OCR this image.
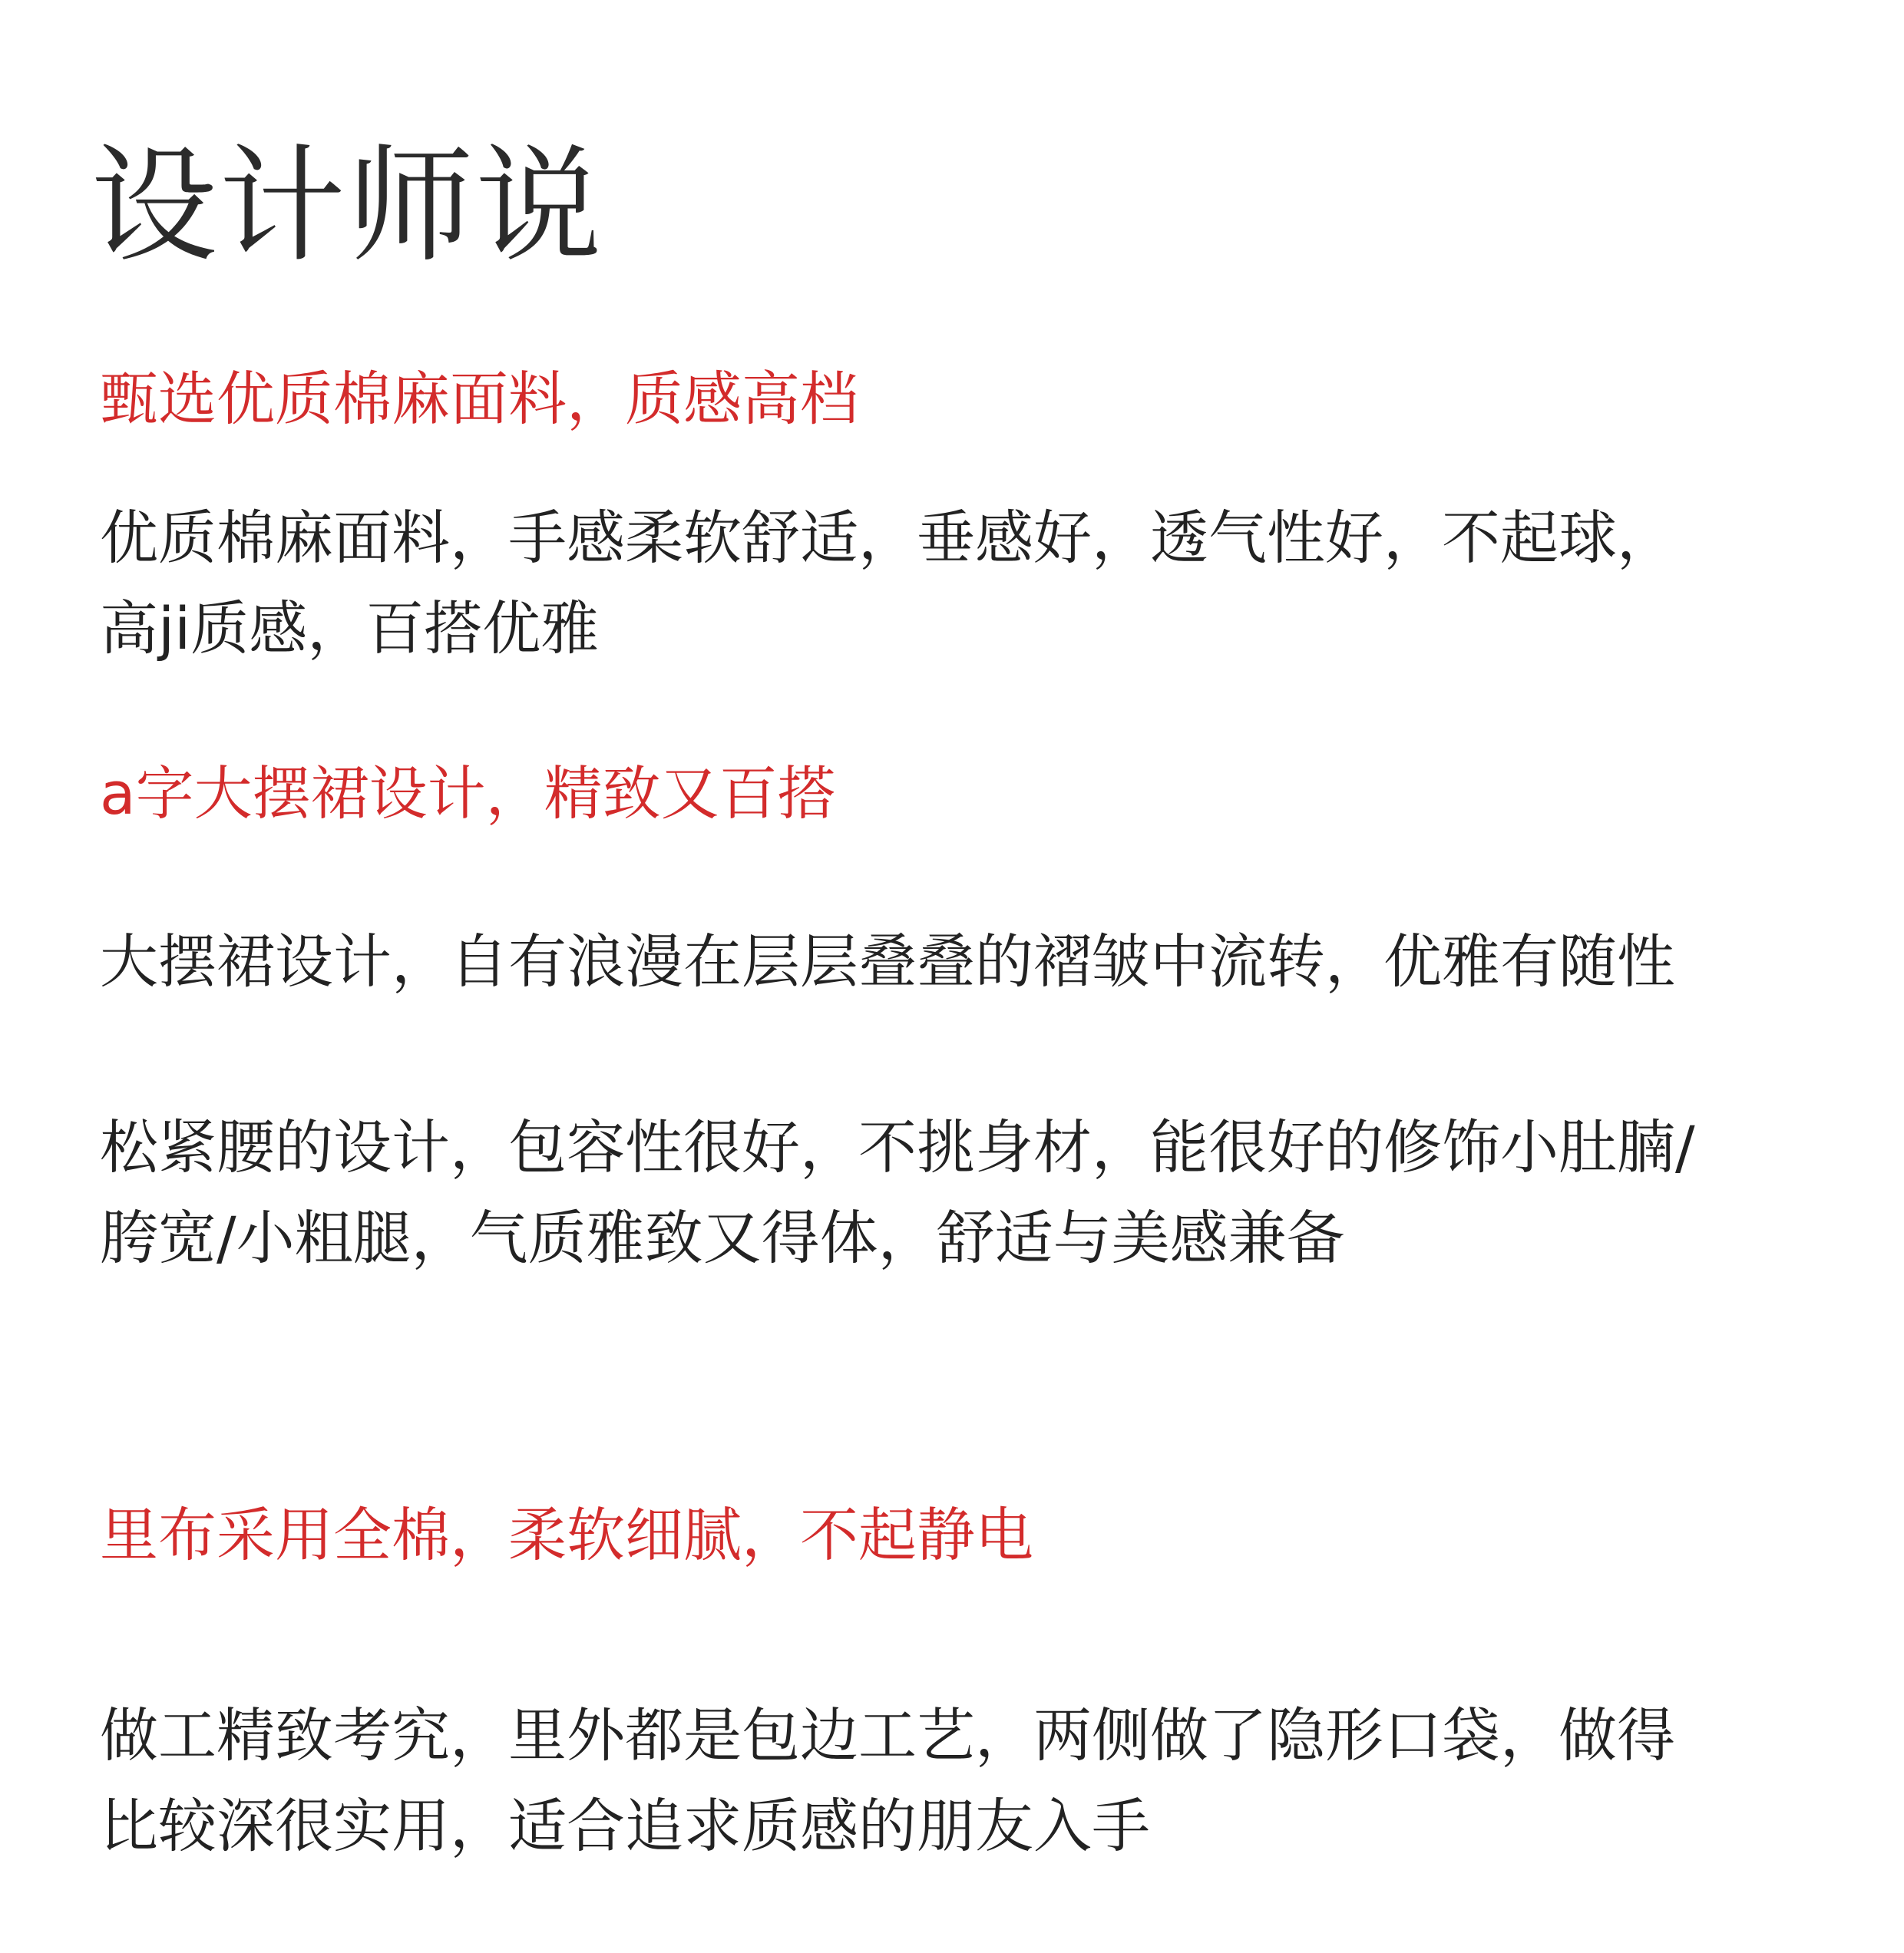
设计师说
甄选优质棉麻面料，质感高档
优质棉麻面料，手感柔软舒适，垂感好，透气性好，不起球，
高ji质感，百搭优雅
a字大摆裙设计，精致又百搭
大摆裙设计，自有浪漫在层层叠叠的褶皱中流转，优雅有随性
松紧腰的设计，包容性很好，不挑身材，能很好的修饰小肚腩/
胯宽/小粗腿，气质雅致又得体，舒适与美感兼备
里布采用全棉，柔软细腻，不起静电
做工精致考究，里外都是包边工艺，两侧做了隐形口袋，做得
比较深很实用，适合追求质感的朋友入手
